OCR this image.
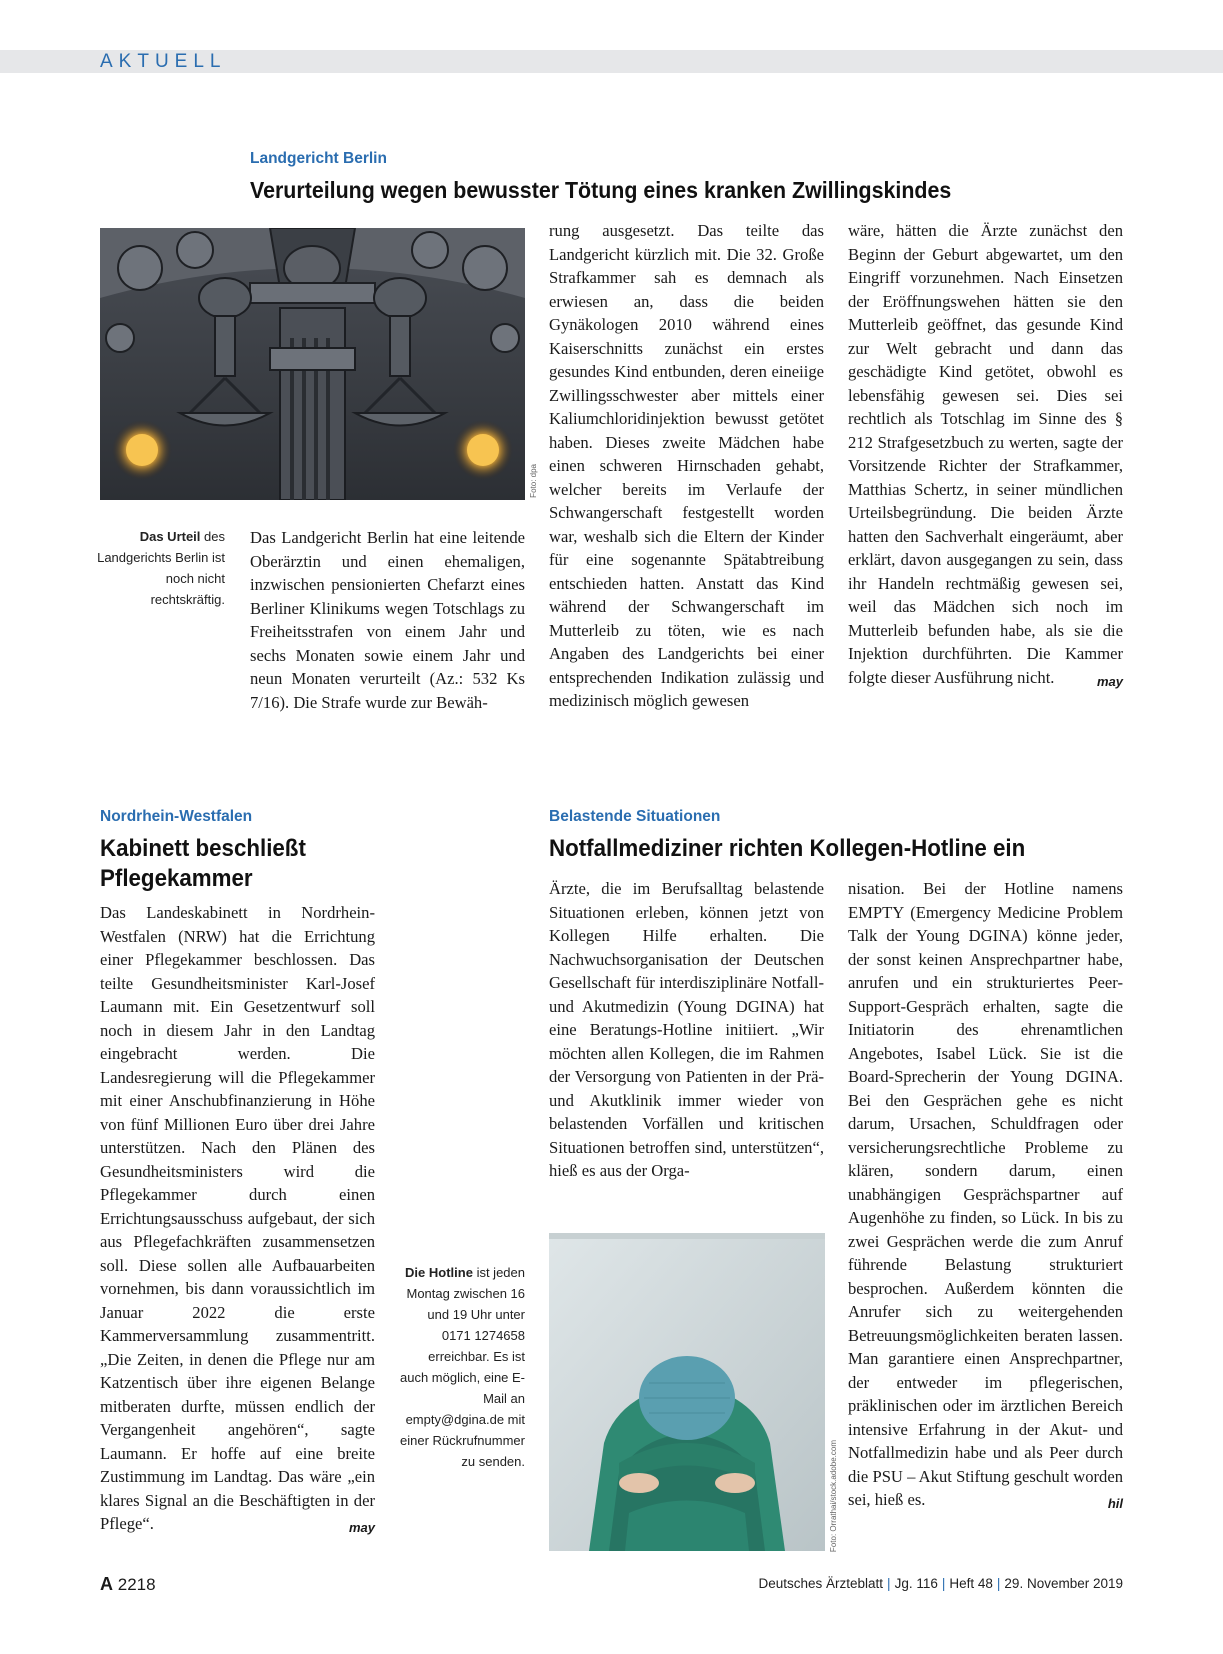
AKTUELL
Landgericht Berlin
Verurteilung wegen bewusster Tötung eines kranken Zwillingskindes
Foto: dpa
Das Urteil des Landgerichts Berlin ist noch nicht rechtskräftig.

Das Landgericht Berlin hat eine leitende Oberärztin und einen ehemaligen, inzwischen pensionierten Chefarzt eines Berliner Klinikums wegen Totschlags zu Freiheitsstrafen von einem Jahr und sechs Monaten sowie einem Jahr und neun Monaten verurteilt (Az.: 532 Ks 7/16). Die Strafe wurde zur Bewäh-

rung ausgesetzt. Das teilte das Landgericht kürzlich mit. Die 32. Große Strafkammer sah es demnach als erwiesen an, dass die beiden Gynäkologen 2010 während eines Kaiserschnitts zunächst ein erstes gesundes Kind entbunden, deren eineiige Zwillingsschwester aber mittels einer Kaliumchloridinjektion bewusst getötet haben. Dieses zweite Mädchen habe einen schweren Hirnschaden gehabt, welcher bereits im Verlaufe der Schwangerschaft festgestellt worden war, weshalb sich die Eltern der Kinder für eine sogenannte Spätabtreibung entschieden hatten. Anstatt das Kind während der Schwangerschaft im Mutterleib zu töten, wie es nach Angaben des Landgerichts bei einer entsprechenden Indikation zulässig und medizinisch möglich gewesen

wäre, hätten die Ärzte zunächst den Beginn der Geburt abgewartet, um den Eingriff vorzunehmen. Nach Einsetzen der Eröffnungswehen hätten sie den Mutterleib geöffnet, das gesunde Kind zur Welt gebracht und dann das geschädigte Kind getötet, obwohl es lebensfähig gewesen sei. Dies sei rechtlich als Totschlag im Sinne des § 212 Strafgesetzbuch zu werten, sagte der Vorsitzende Richter der Strafkammer, Matthias Schertz, in seiner mündlichen Urteilsbegründung. Die beiden Ärzte hatten den Sachverhalt eingeräumt, aber erklärt, davon ausgegangen zu sein, dass ihr Handeln rechtmäßig gewesen sei, weil das Mädchen sich noch im Mutterleib befunden habe, als sie die Injektion durchführten. Die Kammer folgte dieser Ausführung nicht.	may

Nordrhein-Westfalen
Kabinett beschließt
Pflegekammer

Das Landeskabinett in Nordrhein-Westfalen (NRW) hat die Errichtung einer Pflegekammer beschlossen. Das teilte Gesundheitsminister Karl-Josef Laumann mit. Ein Gesetzentwurf soll noch in diesem Jahr in den Landtag eingebracht werden. Die Landesregierung will die Pflegekammer mit einer Anschubfinanzierung in Höhe von fünf Millionen Euro über drei Jahre unterstützen. Nach den Plänen des Gesundheitsministers wird die Pflegekammer durch einen Errichtungsausschuss aufgebaut, der sich aus Pflegefachkräften zusammensetzen soll. Diese sollen alle Aufbauarbeiten vornehmen, bis dann voraussichtlich im Januar 2022 die erste Kammerversammlung zusammentritt. „Die Zeiten, in denen die Pflege nur am Katzentisch über ihre eigenen Belange mitberaten durfte, müssen endlich der Vergangenheit angehören“, sagte Laumann. Er hoffe auf eine breite Zustimmung im Landtag. Das wäre „ein klares Signal an die Beschäftigten in der Pflege“.	may

Belastende Situationen
Notfallmediziner richten Kollegen-Hotline ein

Ärzte, die im Berufsalltag belastende Situationen erleben, können jetzt von Kollegen Hilfe erhalten. Die Nachwuchsorganisation der Deutschen Gesellschaft für interdisziplinäre Notfall- und Akutmedizin (Young DGINA) hat eine Beratungs-Hotline initiiert. „Wir möchten allen Kollegen, die im Rahmen der Versorgung von Patienten in der Prä- und Akutklinik immer wieder von belastenden Vorfällen und kritischen Situationen betroffen sind, unterstützen“, hieß es aus der Orga-

nisation. Bei der Hotline namens EMPTY (Emergency Medicine Problem Talk der Young DGINA) könne jeder, der sonst keinen Ansprechpartner habe, anrufen und ein strukturiertes Peer-Support-Gespräch erhalten, sagte die Initiatorin des ehrenamtlichen Angebotes, Isabel Lück. Sie ist die Board-Sprecherin der Young DGINA. Bei den Gesprächen gehe es nicht darum, Ursachen, Schuldfragen oder versicherungsrechtliche Probleme zu klären, sondern darum, einen unabhängigen Gesprächspartner auf Augenhöhe zu finden, so Lück. In bis zu zwei Gesprächen werde die zum Anruf führende Belastung strukturiert besprochen. Außerdem könnten die Anrufer sich zu weitergehenden Betreuungsmöglichkeiten beraten lassen. Man garantiere einen Ansprechpartner, der entweder im pflegerischen, präklinischen oder im ärztlichen Bereich intensive Erfahrung in der Akut- und Notfallmedizin habe und als Peer durch die PSU – Akut Stiftung geschult worden sei, hieß es.	hil

Foto: Orrathai/stock.adobe.com
Die Hotline ist jeden Montag zwischen 16 und 19 Uhr unter 0171 1274658 erreichbar. Es ist auch möglich, eine E-Mail an empty@dgina.de mit einer Rückrufnummer zu senden.
A 2218	Deutsches Ärzteblatt | Jg. 116 | Heft 48 | 29. November 2019
